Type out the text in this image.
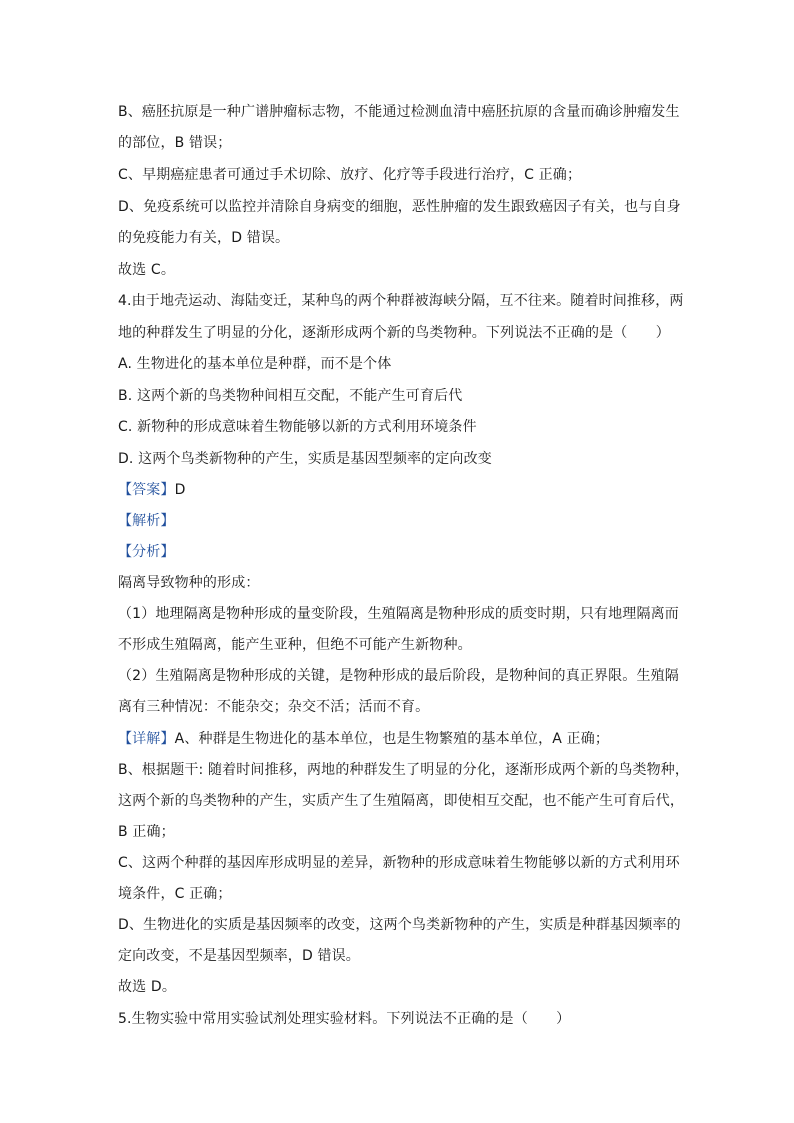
B、癌胚抗原是一种广谱肿瘤标志物，不能通过检测血清中癌胚抗原的含量而确诊肿瘤发生
的部位，B 错误；
C、早期癌症患者可通过手术切除、放疗、化疗等手段进行治疗，C 正确；
D、免疫系统可以监控并清除自身病变的细胞，恶性肿瘤的发生跟致癌因子有关，也与自身
的免疫能力有关，D 错误。
故选 C。
4.由于地壳运动、海陆变迁，某种鸟的两个种群被海峡分隔，互不往来。随着时间推移，两
地的种群发生了明显的分化，逐渐形成两个新的鸟类物种。下列说法不正确的是（　　）
A. 生物进化的基本单位是种群，而不是个体
B. 这两个新的鸟类物种间相互交配，不能产生可育后代
C. 新物种的形成意味着生物能够以新的方式利用环境条件
D. 这两个鸟类新物种的产生，实质是基因型频率的定向改变
【答案】D
【解析】
【分析】
隔离导致物种的形成：
（1）地理隔离是物种形成的量变阶段，生殖隔离是物种形成的质变时期，只有地理隔离而
不形成生殖隔离，能产生亚种，但绝不可能产生新物种。
（2）生殖隔离是物种形成的关键，是物种形成的最后阶段，是物种间的真正界限。生殖隔
离有三种情况：不能杂交；杂交不活；活而不育。
【详解】A、种群是生物进化的基本单位，也是生物繁殖的基本单位，A 正确；
B、根据题干: 随着时间推移，两地的种群发生了明显的分化，逐渐形成两个新的鸟类物种，
这两个新的鸟类物种的产生，实质产生了生殖隔离，即使相互交配，也不能产生可育后代，
B 正确；
C、这两个种群的基因库形成明显的差异，新物种的形成意味着生物能够以新的方式利用环
境条件，C 正确；
D、生物进化的实质是基因频率的改变，这两个鸟类新物种的产生，实质是种群基因频率的
定向改变，不是基因型频率，D 错误。
故选 D。
5.生物实验中常用实验试剂处理实验材料。下列说法不正确的是（　　）
